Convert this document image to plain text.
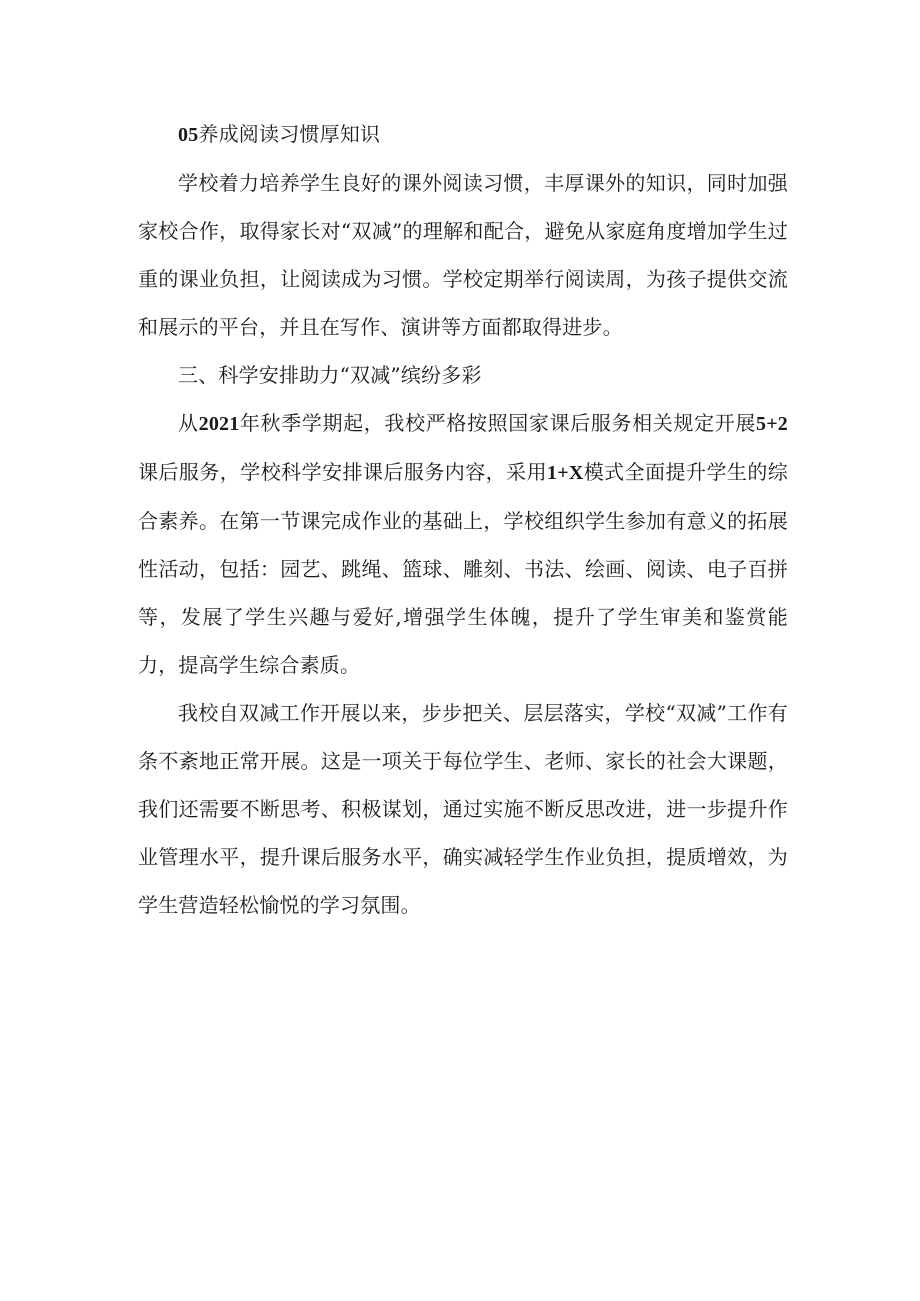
05养成阅读习惯厚知识

学校着力培养学生良好的课外阅读习惯，丰厚课外的知识，同时加强家校合作，取得家长对“双减”的理解和配合，避免从家庭角度增加学生过重的课业负担，让阅读成为习惯。学校定期举行阅读周，为孩子提供交流和展示的平台，并且在写作、演讲等方面都取得进步。

三、科学安排助力“双减”缤纷多彩

从2021年秋季学期起，我校严格按照国家课后服务相关规定开展5+2课后服务，学校科学安排课后服务内容，采用1+X模式全面提升学生的综合素养。在第一节课完成作业的基础上，学校组织学生参加有意义的拓展性活动，包括：园艺、跳绳、篮球、雕刻、书法、绘画、阅读、电子百拼等，发展了学生兴趣与爱好,增强学生体魄，提升了学生审美和鉴赏能力，提高学生综合素质。

我校自双减工作开展以来，步步把关、层层落实，学校“双减”工作有条不紊地正常开展。这是一项关于每位学生、老师、家长的社会大课题，我们还需要不断思考、积极谋划，通过实施不断反思改进，进一步提升作业管理水平，提升课后服务水平，确实减轻学生作业负担，提质增效，为学生营造轻松愉悦的学习氛围。
